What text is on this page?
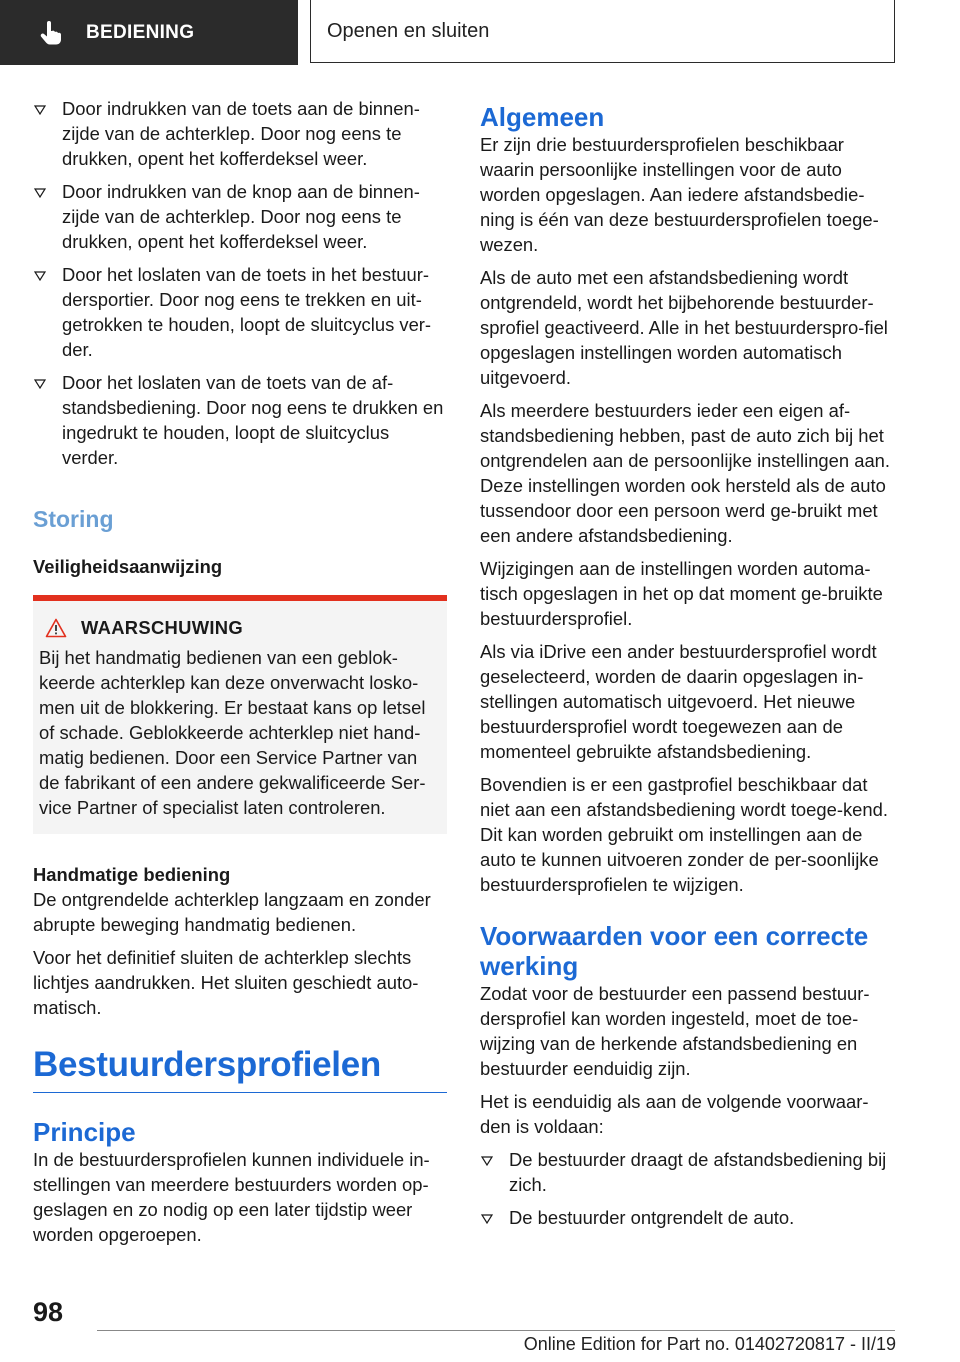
BEDIENING	Openen en sluiten
Door indrukken van de toets aan de binnen-zijde van de achterklep. Door nog eens te drukken, opent het kofferdeksel weer.
Door indrukken van de knop aan de binnen-zijde van de achterklep. Door nog eens te drukken, opent het kofferdeksel weer.
Door het loslaten van de toets in het bestuur-dersportier. Door nog eens te trekken en uit-getrokken te houden, loopt de sluitcyclus ver-der.
Door het loslaten van de toets van de af-standsbediening. Door nog eens te drukken en ingedrukt te houden, loopt de sluitcyclus verder.
Storing
Veiligheidsaanwijzing
WAARSCHUWING

Bij het handmatig bedienen van een geblok-keerde achterklep kan deze onverwacht losko-men uit de blokkering. Er bestaat kans op letsel of schade. Geblokkeerde achterklep niet hand-matig bedienen. Door een Service Partner van de fabrikant of een andere gekwalificeerde Ser-vice Partner of specialist laten controleren.

Handmatige bediening

De ontgrendelde achterklep langzaam en zonder abrupte beweging handmatig bedienen.

Voor het definitief sluiten de achterklep slechts lichtjes aandrukken. Het sluiten geschiedt auto-matisch.

Bestuurdersprofielen
Principe

In de bestuurdersprofielen kunnen individuele in-stellingen van meerdere bestuurders worden op-geslagen en zo nodig op een later tijdstip weer worden opgeroepen.

Algemeen

Er zijn drie bestuurdersprofielen beschikbaar waarin persoonlijke instellingen voor de auto worden opgeslagen. Aan iedere afstandsbedie-ning is één van deze bestuurdersprofielen toege-wezen.

Als de auto met een afstandsbediening wordt ontgrendeld, wordt het bijbehorende bestuurder-sprofiel geactiveerd. Alle in het bestuurderspro-fiel opgeslagen instellingen worden automatisch uitgevoerd.

Als meerdere bestuurders ieder een eigen af-standsbediening hebben, past de auto zich bij het ontgrendelen aan de persoonlijke instellingen aan. Deze instellingen worden ook hersteld als de auto tussendoor door een persoon werd ge-bruikt met een andere afstandsbediening.

Wijzigingen aan de instellingen worden automa-tisch opgeslagen in het op dat moment ge-bruikte bestuurdersprofiel.

Als via iDrive een ander bestuurdersprofiel wordt geselecteerd, worden de daarin opgeslagen in-stellingen automatisch uitgevoerd. Het nieuwe bestuurdersprofiel wordt toegewezen aan de momenteel gebruikte afstandsbediening.

Bovendien is er een gastprofiel beschikbaar dat niet aan een afstandsbediening wordt toege-kend. Dit kan worden gebruikt om instellingen aan de auto te kunnen uitvoeren zonder de per-soonlijke bestuurdersprofielen te wijzigen.

Voorwaarden voor een correcte werking

Zodat voor de bestuurder een passend bestuur-dersprofiel kan worden ingesteld, moet de toe-wijzing van de herkende afstandsbediening en bestuurder eenduidig zijn.

Het is eenduidig als aan de volgende voorwaar-den is voldaan:

De bestuurder draagt de afstandsbediening bij zich.
De bestuurder ontgrendelt de auto.
98
Online Edition for Part no. 01402720817 - II/19
